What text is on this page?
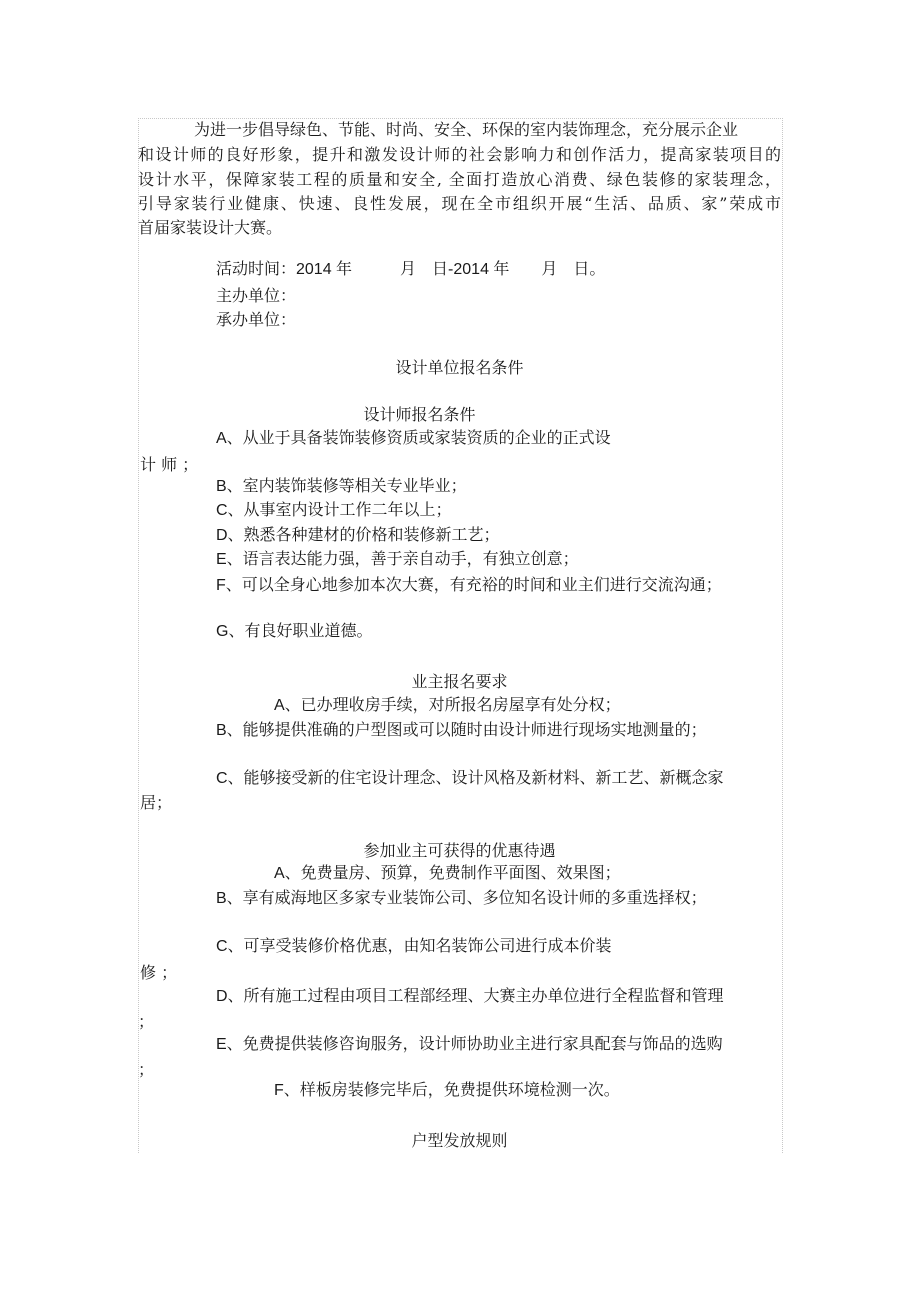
为进一步倡导绿色、节能、时尚、安全、环保的室内装饰理念，充分展示企业

和设计师的良好形象，提升和激发设计师的社会影响力和创作活力，提高家装项目的

设计水平，保障家装工程的质量和安全, 全面打造放心消费、绿色装修的家装理念，

引导家装行业健康、快速、良性发展，现在全市组织开展“生活、品质、家”荣成市

首届家装设计大赛。

活动时间：2014 年　　　月　日-2014 年　　月　日。

主办单位：

承办单位：

设计单位报名条件

设计师报名条件

A、从业于具备装饰装修资质或家装资质的企业的正式设

计 师 ；

B、室内装饰装修等相关专业毕业；

C、从事室内设计工作二年以上；

D、熟悉各种建材的价格和装修新工艺；

E、语言表达能力强，善于亲自动手，有独立创意；

F、可以全身心地参加本次大赛，有充裕的时间和业主们进行交流沟通；

G、有良好职业道德。

业主报名要求

A、已办理收房手续，对所报名房屋享有处分权；

B、能够提供准确的户型图或可以随时由设计师进行现场实地测量的；

C、能够接受新的住宅设计理念、设计风格及新材料、新工艺、新概念家

居；

参加业主可获得的优惠待遇

A、免费量房、预算，免费制作平面图、效果图；

B、享有威海地区多家专业装饰公司、多位知名设计师的多重选择权；

C、可享受装修价格优惠，由知名装饰公司进行成本价装

修 ；

D、所有施工过程由项目工程部经理、大赛主办单位进行全程监督和管理

；

E、免费提供装修咨询服务，设计师协助业主进行家具配套与饰品的选购

；

F、样板房装修完毕后，免费提供环境检测一次。

户型发放规则
